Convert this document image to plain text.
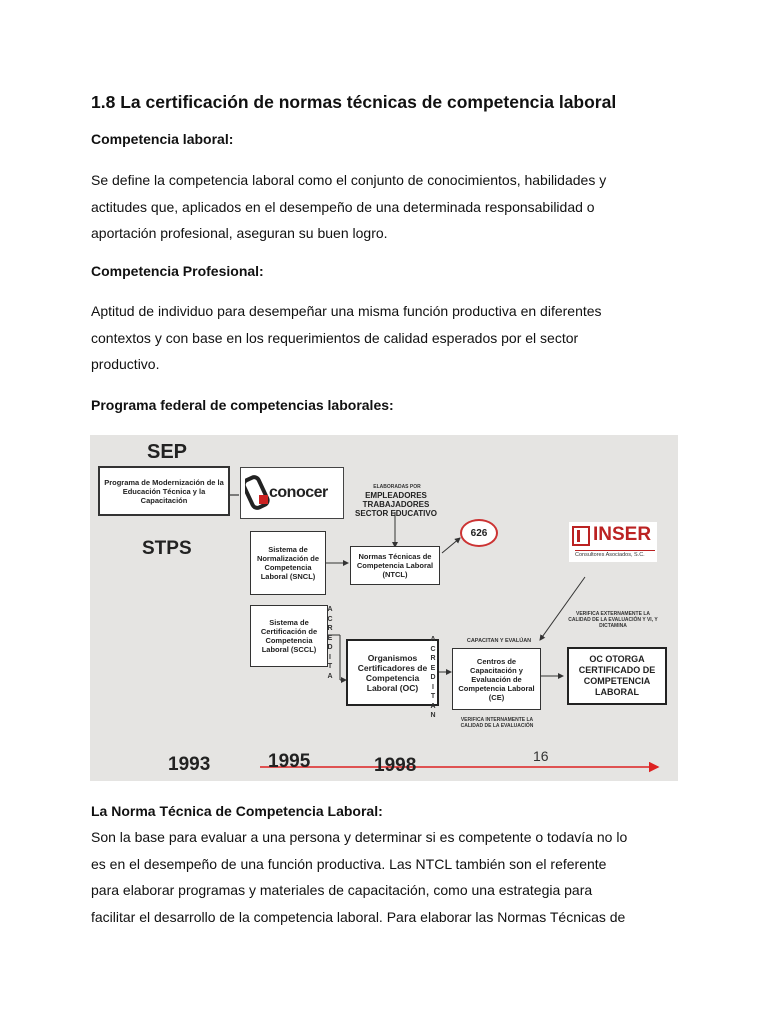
1.8 La certificación de normas técnicas de competencia laboral
Competencia laboral:
Se define la competencia laboral como el conjunto de conocimientos, habilidades y
actitudes que, aplicados en el desempeño de una determinada responsabilidad o
aportación profesional, aseguran su buen logro.
Competencia Profesional:
Aptitud de individuo para desempeñar una misma función productiva en diferentes
contextos y con base en los requerimientos de calidad esperados por el sector
productivo.
Programa federal de competencias laborales:
SEP
Programa de Modernización de la Educación Técnica y la Capacitación	conocer	ELABORADAS POR
EMPLEADORES TRABAJADORES SECTOR EDUCATIVO
626
STPS	Sistema de Normalización de Competencia Laboral (SNCL)
Normas Técnicas de Competencia Laboral (NTCL)
INSER
Consultores Asociados, S.C.
VERIFICA EXTERNAMENTE LA CALIDAD DE LA EVALUACIÓN Y VI, Y DICTAMINA
Sistema de Certificación de Competencia Laboral (SCCL)
A
C
R
E
D
I
T
A
Organismos Certificadores de Competencia Laboral (OC)
A
C
R
E
D
I
T
A
N
CAPACITAN Y EVALÚAN
Centros de Capacitación y Evaluación de Competencia Laboral (CE)
OC OTORGA CERTIFICADO DE COMPETENCIA LABORAL
VERIFICA INTERNAMENTE LA CALIDAD DE LA EVALUACIÓN
1993	1995	1998	16
La Norma Técnica de Competencia Laboral:
Son la base para evaluar a una persona y determinar si es competente o todavía no lo
es en el desempeño de una función productiva. Las NTCL también son el referente
para elaborar programas y materiales de capacitación, como una estrategia para
facilitar el desarrollo de la competencia laboral. Para elaborar las Normas Técnicas de
